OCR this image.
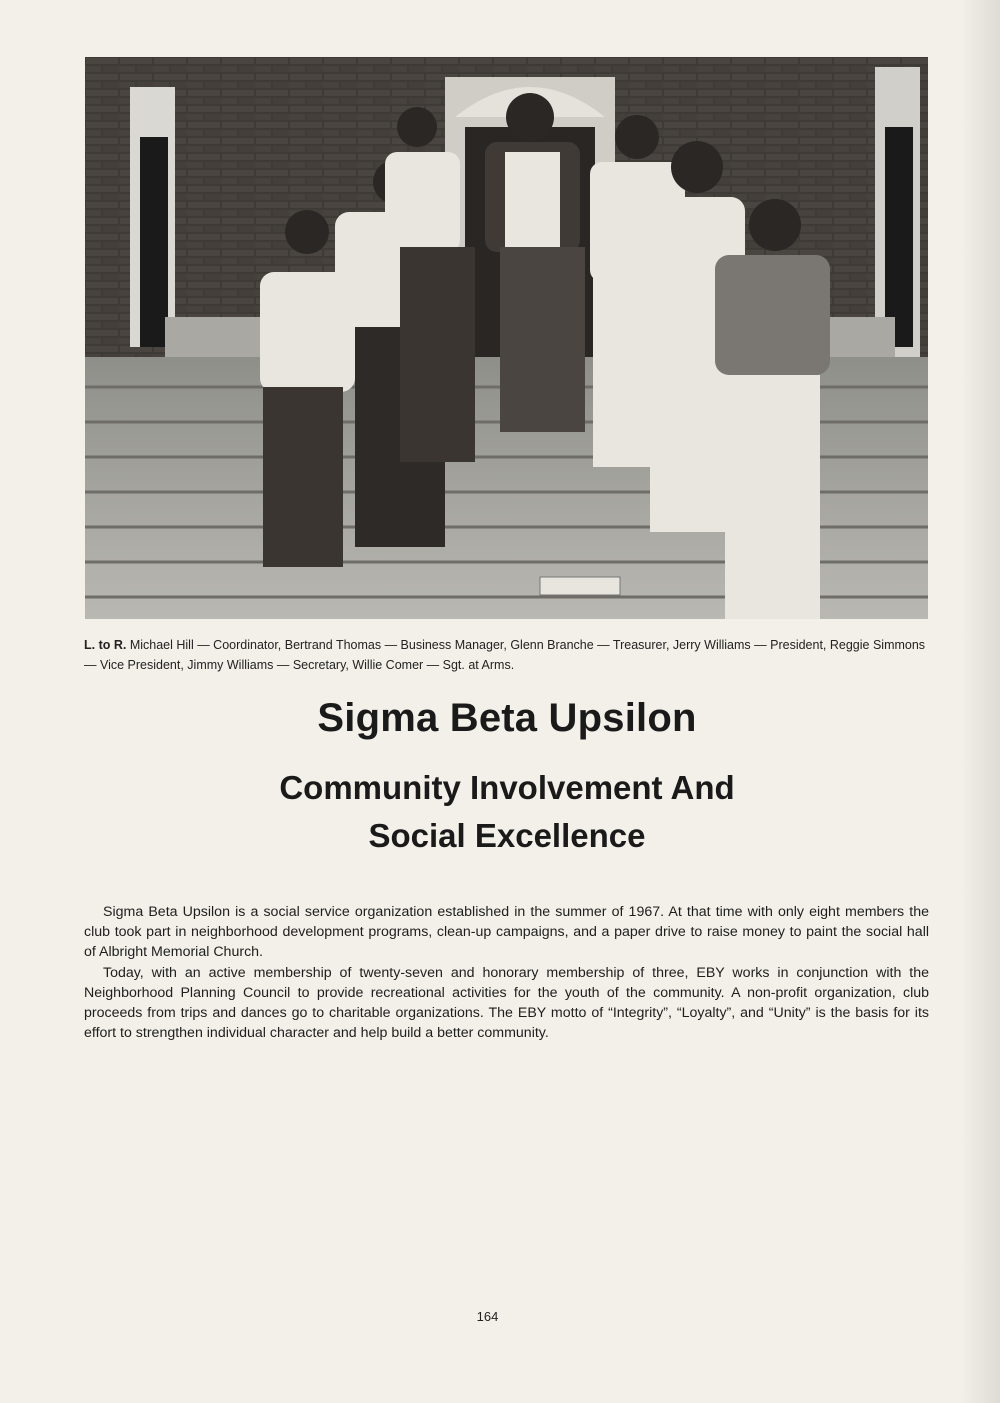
L. to R. Michael Hill — Coordinator, Bertrand Thomas — Business Manager, Glenn Branche — Treasurer, Jerry Williams — President, Reggie Simmons — Vice President, Jimmy Williams — Secretary, Willie Comer — Sgt. at Arms.
Sigma Beta Upsilon
Community Involvement And
Social Excellence

Sigma Beta Upsilon is a social service organization established in the summer of 1967. At that time with only eight members the club took part in neighborhood development programs, clean-up campaigns, and a paper drive to raise money to paint the social hall of Albright Memorial Church.

Today, with an active membership of twenty-seven and honorary membership of three, EBY works in conjunction with the Neighborhood Planning Council to provide recreational activities for the youth of the community. A non-profit organization, club proceeds from trips and dances go to charitable organizations. The EBY motto of “Integrity”, “Loyalty”, and “Unity” is the basis for its effort to strengthen individual character and help build a better community.

164
